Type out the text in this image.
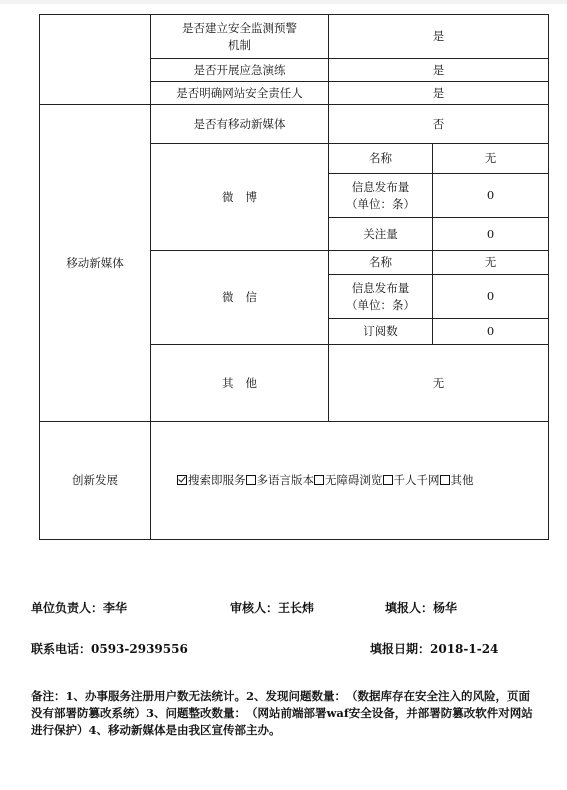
	是否建立安全监测预警
机制	是	
	是否开展应急演练	是	
	是否明确网站安全责任人	是	
移动新媒体	是否有移动新媒体	否	
	微博	名称	无
		信息发布量
（单位：条）	0
		关注量	0
	微信	名称	无
		信息发布量
（单位：条）	0
		订阅数	0
	其他	无	
创新发展	搜索即服务 多语言版本 无障碍浏览 千人千网 其他		
单位负责人：李华	审核人：王长炜	填报人：杨华
联系电话：0593-2939556	填报日期：2018-1-24
备注：1、办事服务注册用户数无法统计。2、发现问题数量：　（数据库存在安全注入的风险，页面没有部署防篡改系统）3、问题整改数量：　（网站前端部署waf安全设备，并部署防篡改软件对网站进行保护）4、移动新媒体是由我区宣传部主办。
